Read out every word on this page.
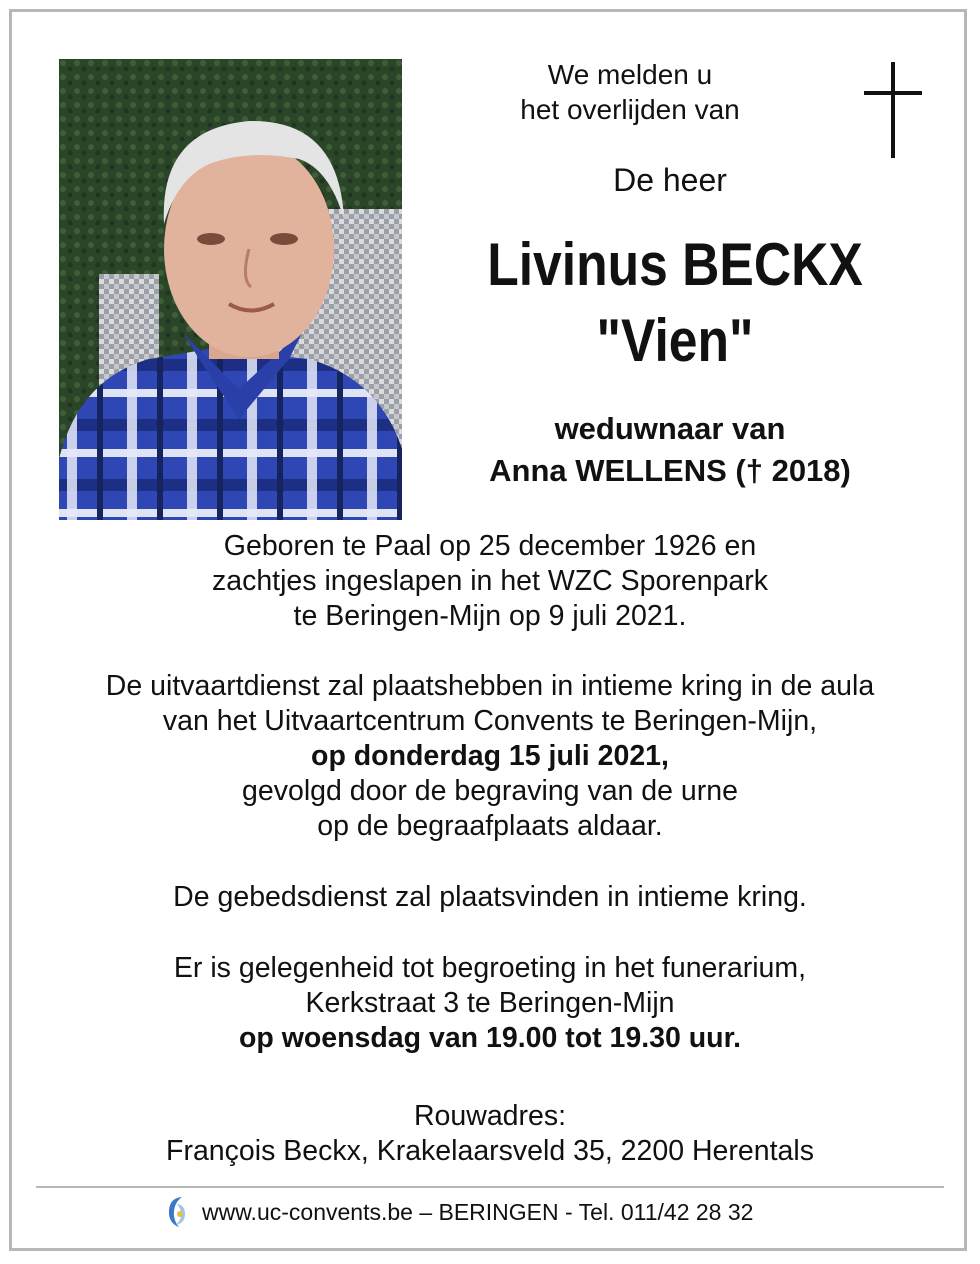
We melden u
het overlijden van
De heer
Livinus BECKX
"Vien"
weduwnaar van
Anna WELLENS († 2018)
Geboren te Paal op 25 december 1926 en
zachtjes ingeslapen in het WZC Sporenpark
te Beringen-Mijn op 9 juli 2021.
De uitvaartdienst zal plaatshebben in intieme kring in de aula
van het Uitvaartcentrum Convents te Beringen-Mijn,
op donderdag 15 juli 2021,
gevolgd door de begraving van de urne
op de begraafplaats aldaar.
De gebedsdienst zal plaatsvinden in intieme kring.
Er is gelegenheid tot begroeting in het funerarium,
Kerkstraat 3 te Beringen-Mijn
op woensdag van 19.00 tot 19.30 uur.
Rouwadres:
François Beckx, Krakelaarsveld 35, 2200 Herentals
www.uc-convents.be – BERINGEN - Tel. 011/42 28 32
